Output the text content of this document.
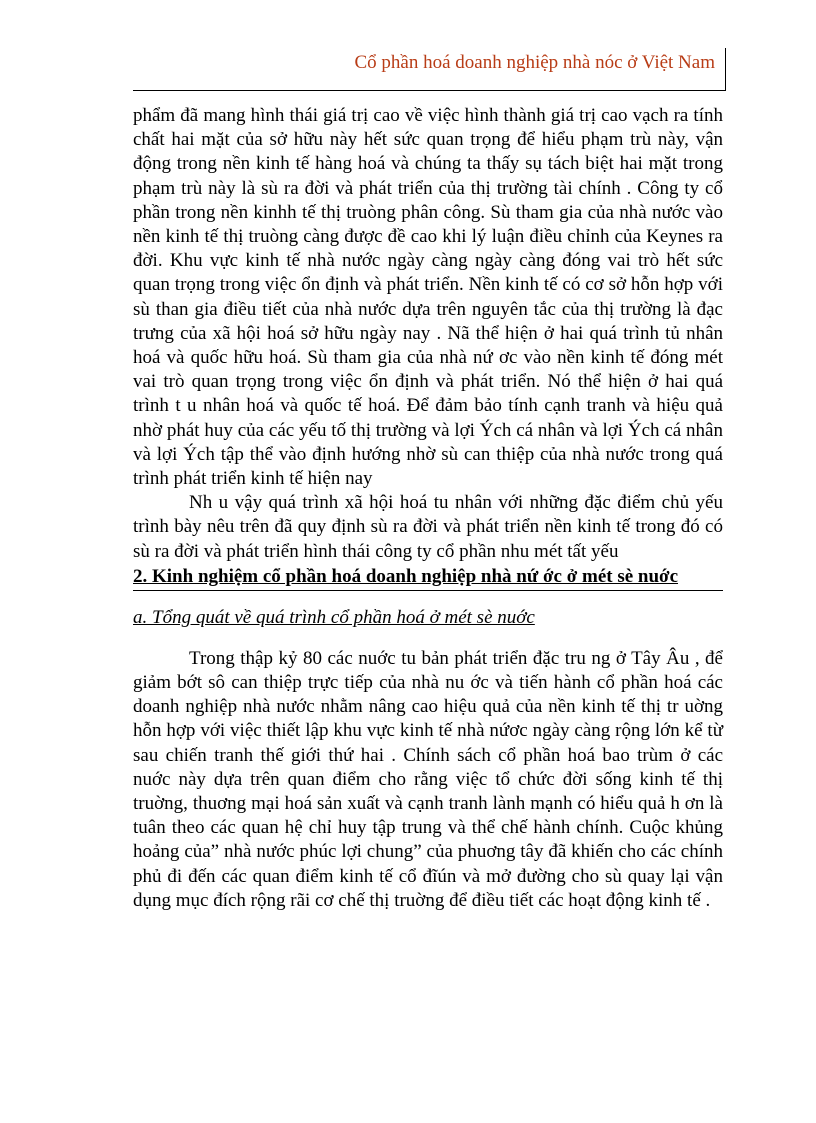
Cổ phần hoá doanh nghiệp nhà nóc ở Việt Nam

phẩm đã mang hình thái giá trị cao về việc hình thành giá trị cao vạch ra tính chất hai mặt của sở hữu này hết sức quan trọng để hiểu phạm trù này, vận động trong nền kinh tế hàng hoá và chúng ta thấy sụ tách biệt hai mặt trong phạm trù này là sù ra đời và phát triển của thị trường tài chính . Công ty cổ phần trong nền kinhh tế thị truòng phân công. Sù tham gia của nhà nước vào nền kinh tế thị truòng càng được đề cao khi lý luận điều chỉnh của Keynes ra đời. Khu vực kinh tế nhà nước ngày càng ngày càng đóng vai trò hết sức quan trọng trong việc ổn định và phát triển. Nền kinh tế có cơ sở hỗn hợp với sù than gia điều tiết của nhà nước dựa trên nguyên tắc của thị trường là đạc trưng của xã hội hoá sở hữu ngày nay . Nã thể hiện ở hai quá trình tủ nhân hoá và quốc hữu hoá. Sù tham gia của nhà nứ ơc vào nền kinh tế đóng mét vai trò quan trọng trong việc ổn định và phát triển. Nó thể hiện ở hai quá trình t u nhân hoá và quốc tế hoá. Để đảm bảo tính cạnh tranh và hiệu quả nhờ phát huy của các yếu tố thị trường và lợi Ých cá nhân và lợi Ých cá nhân và lợi Ých tập thể vào định hướng nhờ sù can thiệp của nhà nước trong quá trình phát triển kinh tế hiện nay

Nh u vậy quá trình xã hội hoá tu nhân với những đặc điểm chủ yếu trình bày nêu trên đã quy định sù ra đời và phát triển nền kinh tế trong đó có sù ra đời và phát triển hình thái công ty cổ phần nhu mét tất yếu

2. Kinh nghiệm cổ phần hoá doanh nghiệp nhà nứ ớc ở mét sè nuớc

a. Tổng quát về quá trình cổ phần hoá ở mét sè nuớc

Trong thập kỷ 80 các nuớc tu bản phát triển đặc tru ng ở Tây Âu , để giảm bớt sô can thiệp trực tiếp của nhà nu ớc và tiến hành cổ phần hoá các doanh nghiệp nhà nước nhằm nâng cao hiệu quả của nền kinh tế thị tr uờng hỗn hợp với việc thiết lập khu vực kinh tế nhà nứơc ngày càng rộng lớn kể từ sau chiến tranh thế giới thứ hai . Chính sách cổ phần hoá bao trùm ở các nuớc này dựa trên quan điểm cho rằng việc tổ chức đời sống kinh tế thị truờng, thuơng mại hoá sản xuất và cạnh tranh lành mạnh có hiểu quả h ơn là tuân theo các quan hệ chỉ huy tập trung và thể chế hành chính. Cuộc khủng hoảng của” nhà nước phúc lợi chung” của phuơng tây đã khiến cho các chính phủ đi đến các quan điểm kinh tế cổ đĩún và mở đường cho sù quay lại vận dụng mục đích rộng rãi cơ chế thị truờng để điều tiết các hoạt động kinh tế .
